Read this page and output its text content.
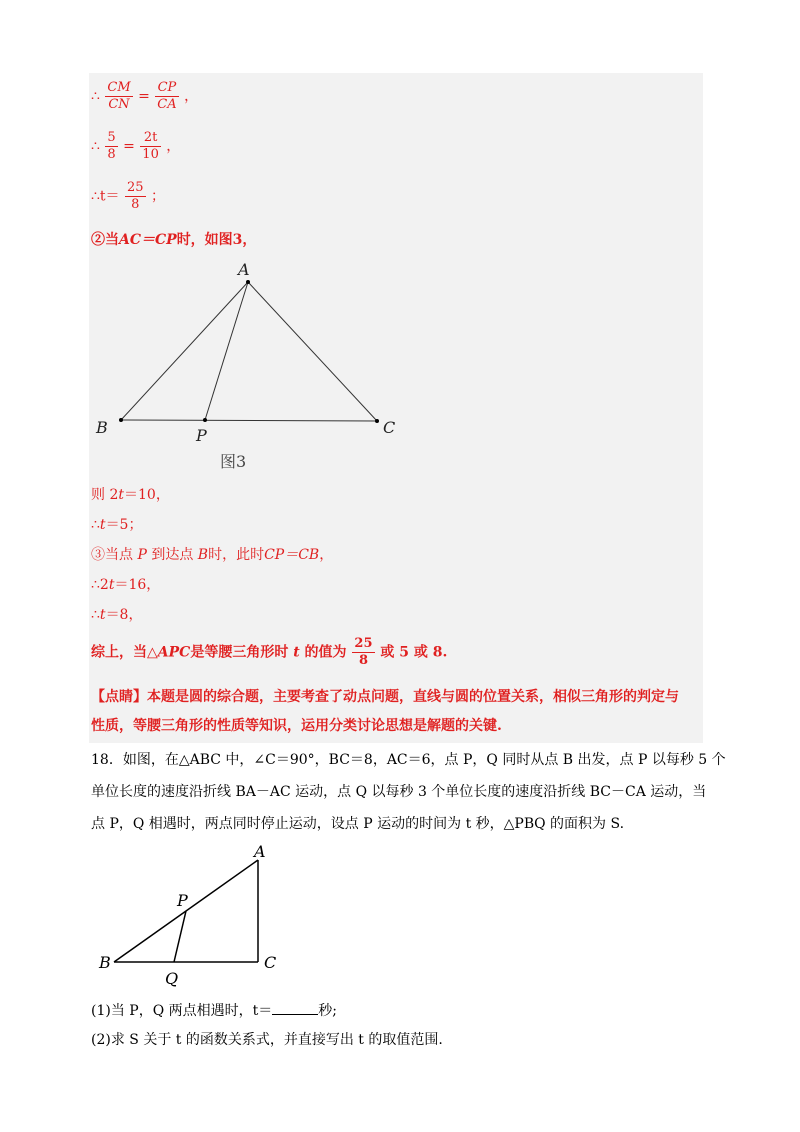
∴ $\frac{CM}{CN} = \frac{CP}{CA}$ ，
∴ $\frac{5}{8} = \frac{2t}{10}$ ，
∴t＝ $\frac{25}{8}$ ；
②当AC＝CP时，如图3，
A
B	P	C
图3
则 2t＝10，
∴t＝5；
③当点 P 到达点 B时，此时CP＝CB，
∴2t＝16，
∴t＝8，
综上，当△APC是等腰三角形时 t 的值为 $\frac{25}{8}$ 或 5 或 8.
【点睛】本题是圆的综合题，主要考查了动点问题，直线与圆的位置关系，相似三角形的判定与
性质，等腰三角形的性质等知识，运用分类讨论思想是解题的关键.
18．如图，在△ABC 中，∠C＝90°，BC＝8，AC＝6，点 P，Q 同时从点 B 出发，点 P 以每秒 5 个
单位长度的速度沿折线 BA－AC 运动，点 Q 以每秒 3 个单位长度的速度沿折线 BC－CA 运动，当
点 P，Q 相遇时，两点同时停止运动，设点 P 运动的时间为 t 秒，△PBQ 的面积为 S.
A
P
B
Q
C
(1)当 P，Q 两点相遇时，t＝	秒;
(2)求 S 关于 t 的函数关系式，并直接写出 t 的取值范围.
